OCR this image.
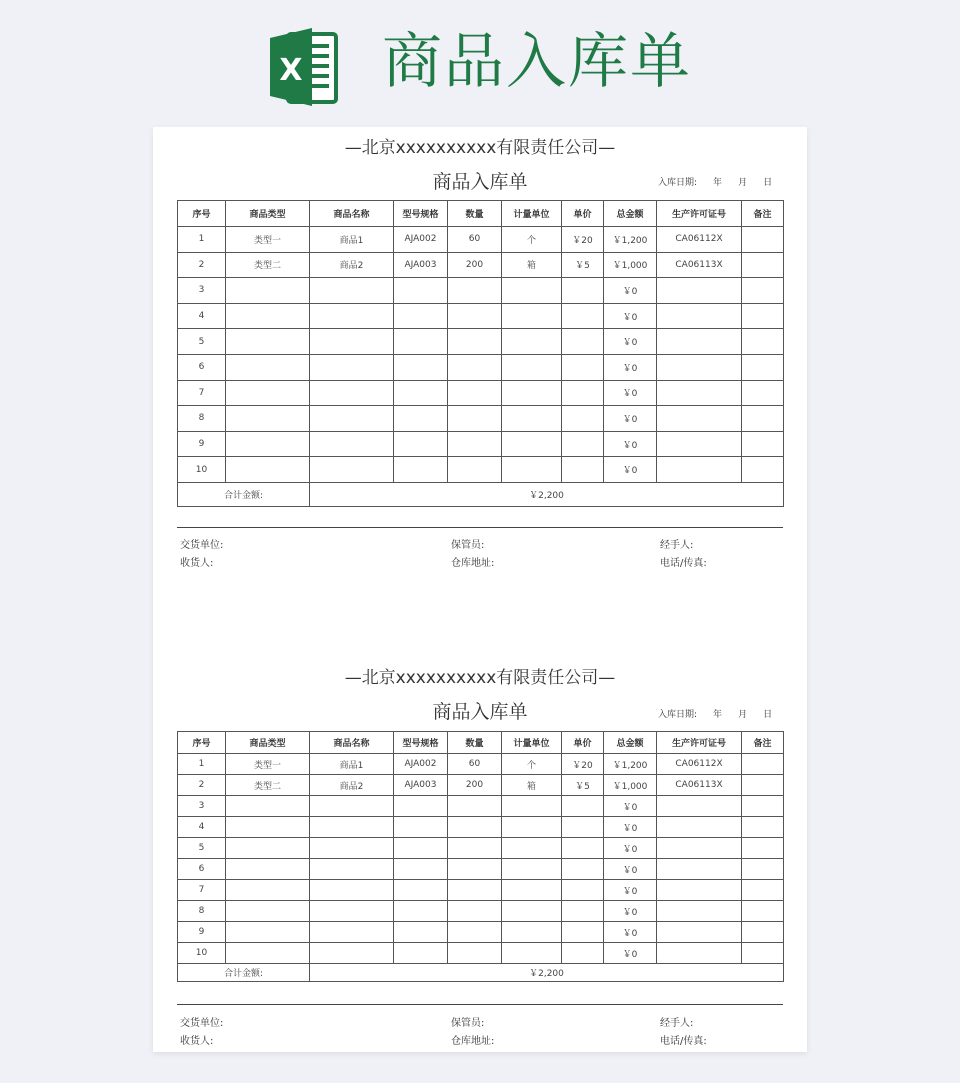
X 商品入库单
—北京xxxxxxxxxx有限责任公司—
商品入库单	入库日期: 年 月 日
序号	商品类型	商品名称	型号规格	数量	计量单位	单价	总金额	生产许可证号	备注
1	类型一	商品1	AJA002	60	个	￥20	￥1,200	CA06112X	
2	类型二	商品2	AJA003	200	箱	￥5	￥1,000	CA06113X	
3							￥0		
4							￥0		
5							￥0		
6							￥0		
7							￥0		
8							￥0		
9							￥0		
10							￥0		
合计金额:		￥2,200							
交货单位:	保管员:	经手人:
收货人:	仓库地址:	电话/传真:
—北京xxxxxxxxxx有限责任公司—
商品入库单	入库日期: 年 月 日
序号	商品类型	商品名称	型号规格	数量	计量单位	单价	总金额	生产许可证号	备注
1	类型一	商品1	AJA002	60	个	￥20	￥1,200	CA06112X	
2	类型二	商品2	AJA003	200	箱	￥5	￥1,000	CA06113X	
3							￥0		
4							￥0		
5							￥0		
6							￥0		
7							￥0		
8							￥0		
9							￥0		
10							￥0		
合计金额:		￥2,200							
交货单位:	保管员:	经手人:
收货人:	仓库地址:	电话/传真:
